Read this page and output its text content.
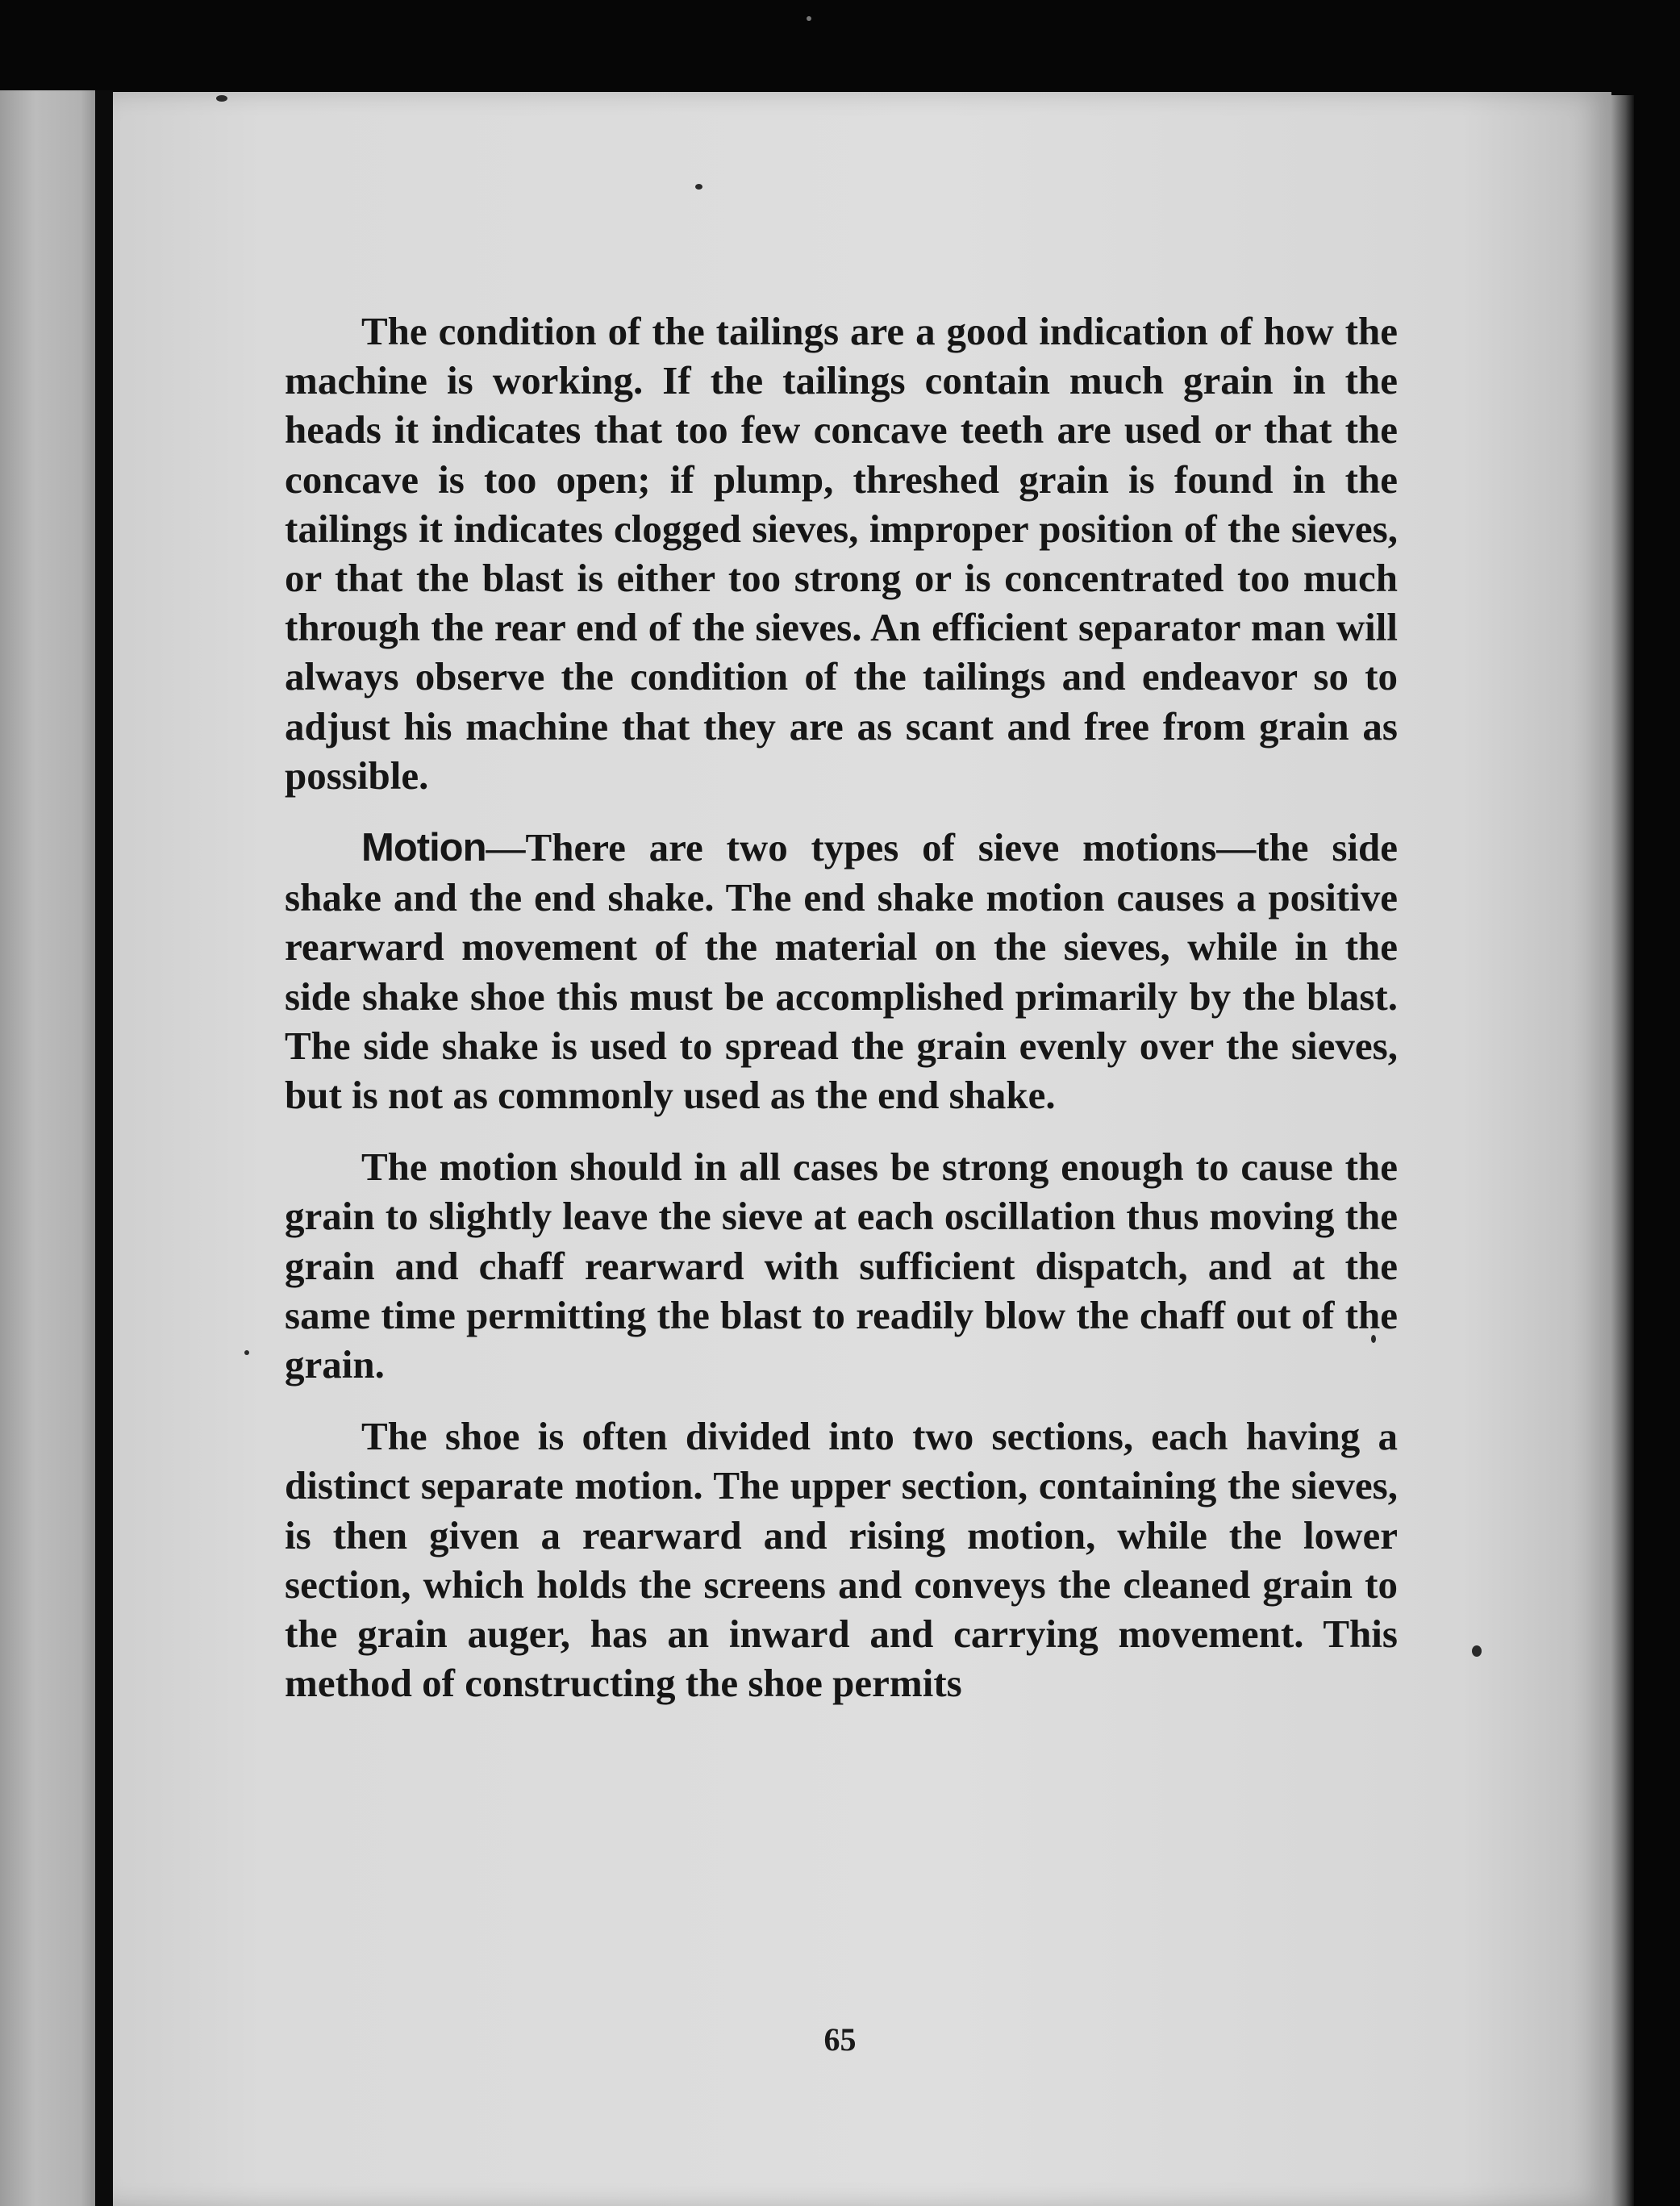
The condition of the tailings are a good indication of how the machine is working. If the tailings contain much grain in the heads it indicates that too few concave teeth are used or that the concave is too open; if plump, threshed grain is found in the tailings it indicates clogged sieves, improper position of the sieves, or that the blast is either too strong or is concentrated too much through the rear end of the sieves. An efficient separator man will always observe the condition of the tailings and endeavor so to adjust his machine that they are as scant and free from grain as possible.

Motion—There are two types of sieve motions—the side shake and the end shake. The end shake motion causes a positive rearward movement of the material on the sieves, while in the side shake shoe this must be accomplished primarily by the blast. The side shake is used to spread the grain evenly over the sieves, but is not as commonly used as the end shake.

The motion should in all cases be strong enough to cause the grain to slightly leave the sieve at each oscillation thus moving the grain and chaff rearward with sufficient dispatch, and at the same time permitting the blast to readily blow the chaff out of the grain.

The shoe is often divided into two sections, each having a distinct separate motion. The upper section, containing the sieves, is then given a rearward and rising motion, while the lower section, which holds the screens and conveys the cleaned grain to the grain auger, has an inward and carrying movement. This method of constructing the shoe permits

65
